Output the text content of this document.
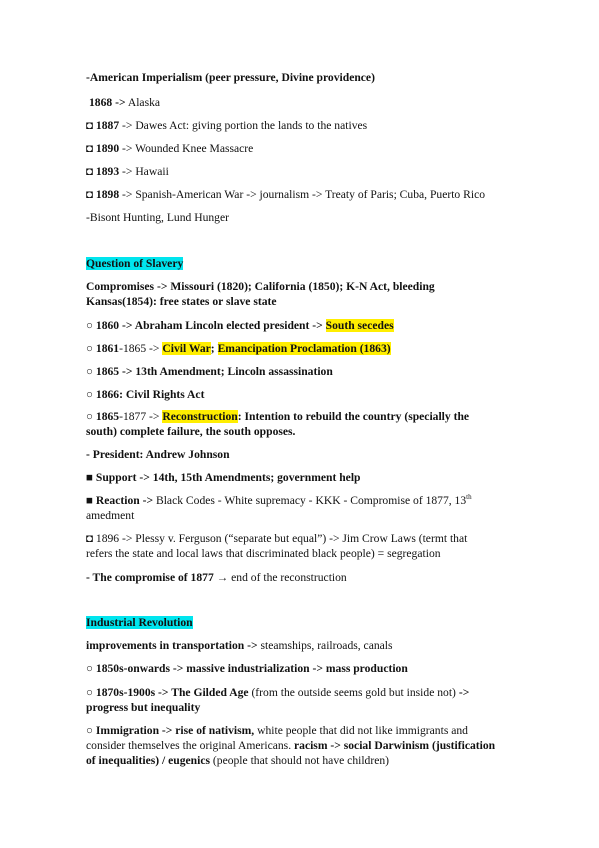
-American Imperialism (peer pressure, Divine providence)
1868 -> Alaska
◘ 1887 -> Dawes Act: giving portion the lands to the natives
◘ 1890 -> Wounded Knee Massacre
◘ 1893 -> Hawaii
◘ 1898 -> Spanish-American War -> journalism -> Treaty of Paris; Cuba, Puerto Rico
-Bisont Hunting, Lund Hunger
Question of Slavery
Compromises -> Missouri (1820); California (1850); K-N Act, bleeding
Kansas(1854): free states or slave state
○ 1860 -> Abraham Lincoln elected president -> South secedes
○ 1861-1865 -> Civil War; Emancipation Proclamation (1863)
○ 1865 -> 13th Amendment; Lincoln assassination
○ 1866: Civil Rights Act
○ 1865-1877 -> Reconstruction: Intention to rebuild the country (specially the
south) complete failure, the south opposes.
- President: Andrew Johnson
■ Support -> 14th, 15th Amendments; government help
■ Reaction -> Black Codes - White supremacy - KKK - Compromise of 1877, 13th
amedment
◘ 1896 -> Plessy v. Ferguson (“separate but equal”) -> Jim Crow Laws (termt that
refers the state and local laws that discriminated black people) = segregation
- The compromise of 1877 → end of the reconstruction
Industrial Revolution
improvements in transportation -> steamships, railroads, canals
○ 1850s-onwards -> massive industrialization -> mass production
○ 1870s-1900s -> The Gilded Age (from the outside seems gold but inside not) ->
progress but inequality
○ Immigration -> rise of nativism, white people that did not like immigrants and
consider themselves the original Americans. racism -> social Darwinism (justification
of inequalities) / eugenics (people that should not have children)
